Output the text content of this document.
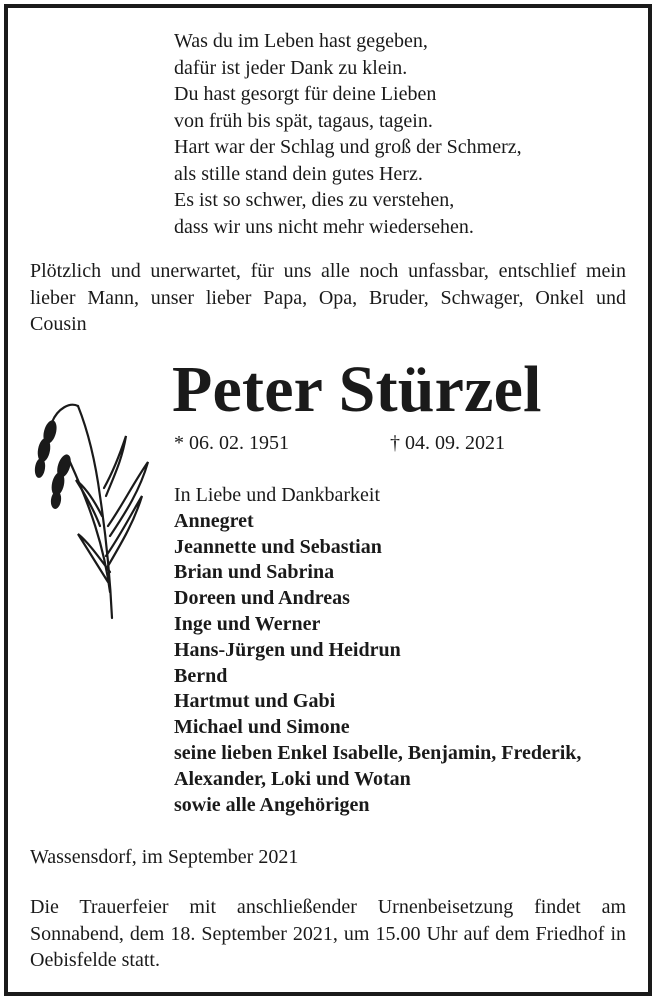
Was du im Leben hast gegeben,
dafür ist jeder Dank zu klein.
Du hast gesorgt für deine Lieben
von früh bis spät, tagaus, tagein.
Hart war der Schlag und groß der Schmerz,
als stille stand dein gutes Herz.
Es ist so schwer, dies zu verstehen,
dass wir uns nicht mehr wiedersehen.
Plötzlich und unerwartet, für uns alle noch unfassbar, entschlief mein lieber Mann, unser lieber Papa, Opa, Bruder, Schwager, Onkel und Cousin
Peter Stürzel
* 06. 02. 1951	† 04. 09. 2021
In Liebe und Dankbarkeit
Annegret
Jeannette und Sebastian
Brian und Sabrina
Doreen und Andreas
Inge und Werner
Hans-Jürgen und Heidrun
Bernd
Hartmut und Gabi
Michael und Simone
seine lieben Enkel Isabelle, Benjamin, Frederik,
Alexander, Loki und Wotan
sowie alle Angehörigen
Wassensdorf, im September 2021
Die Trauerfeier mit anschließender Urnenbeisetzung findet am Sonnabend, dem 18. September 2021, um 15.00 Uhr auf dem Friedhof in Oebisfelde statt.
